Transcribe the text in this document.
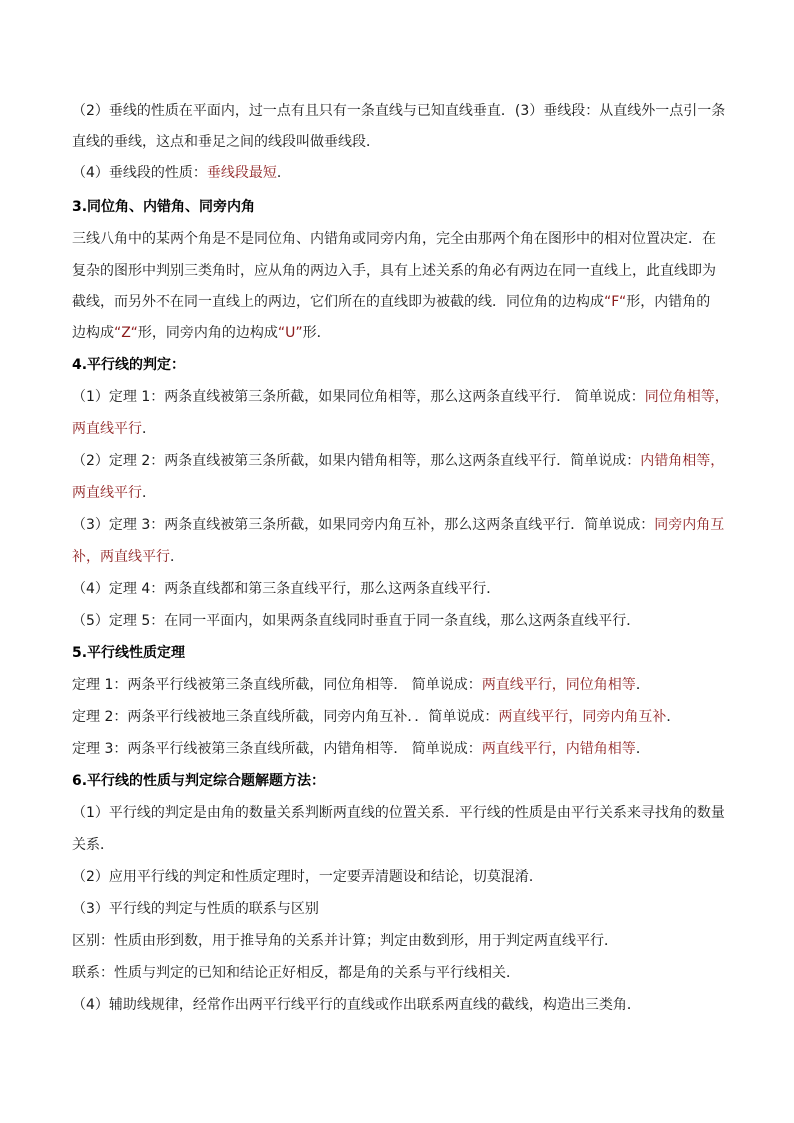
（2）垂线的性质在平面内，过一点有且只有一条直线与已知直线垂直．(3）垂线段：从直线外一点引一条
直线的垂线，这点和垂足之间的线段叫做垂线段．
（4）垂线段的性质：垂线段最短．
3.同位角、内错角、同旁内角
三线八角中的某两个角是不是同位角、内错角或同旁内角，完全由那两个角在图形中的相对位置决定．在
复杂的图形中判别三类角时，应从角的两边入手，具有上述关系的角必有两边在同一直线上，此直线即为
截线，而另外不在同一直线上的两边，它们所在的直线即为被截的线．同位角的边构成“F“形，内错角的
边构成“Z“形，同旁内角的边构成“U”形．
4.平行线的判定：
（1）定理 1：两条直线被第三条所截，如果同位角相等，那么这两条直线平行． 简单说成：同位角相等，
两直线平行．
（2）定理 2：两条直线被第三条所截，如果内错角相等，那么这两条直线平行．简单说成：内错角相等，
两直线平行．
（3）定理 3：两条直线被第三条所截，如果同旁内角互补，那么这两条直线平行．简单说成：同旁内角互
补，两直线平行．
（4）定理 4：两条直线都和第三条直线平行，那么这两条直线平行．
（5）定理 5：在同一平面内，如果两条直线同时垂直于同一条直线，那么这两条直线平行．
5.平行线性质定理
定理 1：两条平行线被第三条直线所截，同位角相等． 简单说成：两直线平行，同位角相等．
定理 2：两条平行线被地三条直线所截，同旁内角互补．．简单说成：两直线平行，同旁内角互补．
定理 3：两条平行线被第三条直线所截，内错角相等． 简单说成：两直线平行，内错角相等．
6.平行线的性质与判定综合题解题方法：
（1）平行线的判定是由角的数量关系判断两直线的位置关系．平行线的性质是由平行关系来寻找角的数量
关系．
（2）应用平行线的判定和性质定理时，一定要弄清题设和结论，切莫混淆．
（3）平行线的判定与性质的联系与区别
区别：性质由形到数，用于推导角的关系并计算；判定由数到形，用于判定两直线平行．
联系：性质与判定的已知和结论正好相反，都是角的关系与平行线相关．
（4）辅助线规律，经常作出两平行线平行的直线或作出联系两直线的截线，构造出三类角．
